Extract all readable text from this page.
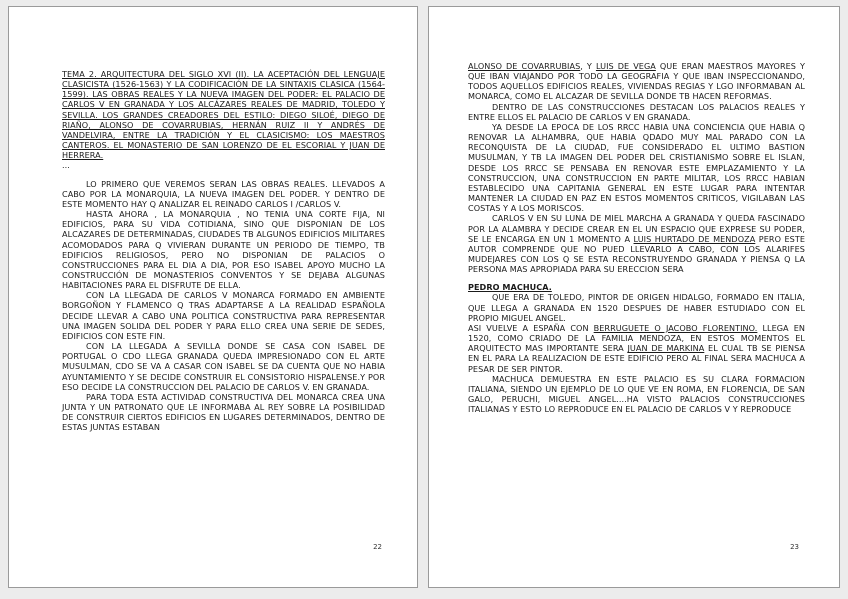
TEMA 2. ARQUITECTURA DEL SIGLO XVI (II). LA ACEPTACIÓN DEL LENGUAJE CLASICISTA (1526-1563) Y LA CODIFICACIÓN DE LA SINTAXIS CLASICA (1564-1599). LAS OBRAS REALES Y LA NUEVA IMAGEN DEL PODER: EL PALACIO DE CARLOS V EN GRANADA Y LOS ALCÁZARES REALES DE MADRID, TOLEDO Y SEVILLA. LOS GRANDES CREADORES DEL ESTILO: DIEGO SILOÉ, DIEGO DE RIAÑO, ALONSO DE COVARRUBIAS, HERNÁN RUIZ II Y ANDRÉS DE VANDELVIRA, ENTRE LA TRADICIÓN Y EL CLASICISMO: LOS MAESTROS CANTEROS. EL MONASTERIO DE SAN LORENZO DE EL ESCORIAL Y JUAN DE HERRERA.

...

LO PRIMERO QUE VEREMOS SERAN LAS OBRAS REALES. LLEVADOS A CABO POR LA MONARQUIA, LA NUEVA IMAGEN DEL PODER. Y DENTRO DE ESTE MOMENTO HAY Q ANALIZAR EL REINADO CARLOS I /CARLOS V.

HASTA AHORA , LA MONARQUIA , NO TENIA UNA CORTE FIJA, NI EDIFICIOS, PARA SU VIDA COTIDIANA, SINO QUE DISPONIAN DE LOS ALCAZARES DE DETERMINADAS, CIUDADES TB ALGUNOS EDIFICIOS MILITARES ACOMODADOS PARA Q VIVIERAN DURANTE UN PERIODO DE TIEMPO, TB EDIFICIOS RELIGIOSOS, PERO NO DISPONIAN DE PALACIOS O CONSTRUCCIONES PARA EL DIA A DIA, POR ESO ISABEL APOYO MUCHO LA CONSTRUCCIÓN DE MONASTERIOS CONVENTOS Y SE DEJABA ALGUNAS HABITACIONES PARA EL DISFRUTE DE ELLA.

CON LA LLEGADA DE CARLOS V MONARCA FORMADO EN AMBIENTE BORGOÑON Y FLAMENCO Q TRAS ADAPTARSE A LA REALIDAD ESPAÑOLA DECIDE LLEVAR A CABO UNA POLITICA CONSTRUCTIVA PARA REPRESENTAR UNA IMAGEN SOLIDA DEL PODER Y PARA ELLO CREA UNA SERIE DE SEDES, EDIFICIOS CON ESTE FIN.

CON LA LLEGADA A SEVILLA DONDE SE CASA CON ISABEL DE PORTUGAL O CDO LLEGA GRANADA QUEDA IMPRESIONADO CON EL ARTE MUSULMAN, CDO SE VA A CASAR CON ISABEL SE DA CUENTA QUE NO HABIA AYUNTAMIENTO Y SE DECIDE CONSTRUIR EL CONSISTORIO HISPALENSE.Y POR ESO DECIDE LA CONSTRUCCION DEL PALACIO DE CARLOS V. EN GRANADA.

PARA TODA ESTA ACTIVIDAD CONSTRUCTIVA DEL MONARCA CREA UNA JUNTA Y UN PATRONATO QUE LE INFORMABA AL REY SOBRE LA POSIBILIDAD DE CONSTRUIR CIERTOS EDIFICIOS EN LUGARES DETERMINADOS, DENTRO DE ESTAS JUNTAS ESTABAN

22

ALONSO DE COVARRUBIAS, Y LUIS DE VEGA QUE ERAN MAESTROS MAYORES Y QUE IBAN VIAJANDO POR TODO LA GEOGRAFIA Y QUE IBAN INSPECCIONANDO, TODOS AQUELLOS EDIFICIOS REALES, VIVIENDAS REGIAS Y LGO INFORMABAN AL MONARCA, COMO EL ALCAZAR DE SEVILLA DONDE TB HACEN REFORMAS.

DENTRO DE LAS CONSTRUCCIONES DESTACAN LOS PALACIOS REALES Y ENTRE ELLOS EL PALACIO DE CARLOS V EN GRANADA.

YA DESDE LA EPOCA DE LOS RRCC HABIA UNA CONCIENCIA QUE HABIA Q RENOVAR LA ALHAMBRA, QUE HABIA QDADO MUY MAL PARADO CON LA RECONQUISTA DE LA CIUDAD, FUE CONSIDERADO EL ULTIMO BASTION MUSULMAN, Y TB LA IMAGEN DEL PODER DEL CRISTIANISMO SOBRE EL ISLAN, DESDE LOS RRCC SE PENSABA EN RENOVAR ESTE EMPLAZAMIENTO Y LA CONSTRUCCION, UNA CONSTRUCCION EN PARTE MILITAR, LOS RRCC HABIAN ESTABLECIDO UNA CAPITANIA GENERAL EN ESTE LUGAR PARA INTENTAR MANTENER LA CIUDAD EN PAZ EN ESTOS MOMENTOS CRITICOS, VIGILABAN LAS COSTAS Y A LOS MORISCOS.

CARLOS V EN SU LUNA DE MIEL MARCHA A GRANADA Y QUEDA FASCINADO POR LA ALAMBRA Y DECIDE CREAR EN EL UN ESPACIO QUE EXPRESE SU PODER, SE LE ENCARGA EN UN 1 MOMENTO A LUIS HURTADO DE MENDOZA PERO ESTE AUTOR COMPRENDE QUE NO PUED LLEVARLO A CABO, CON LOS ALARIFES MUDEJARES CON LOS Q SE ESTA RECONSTRUYENDO GRANADA Y PIENSA Q LA PERSONA MAS APROPIADA PARA SU ERECCION SERA

PEDRO MACHUCA.

QUE ERA DE TOLEDO, PINTOR DE ORIGEN HIDALGO, FORMADO EN ITALIA, QUE LLEGA A GRANADA EN 1520 DESPUES DE HABER ESTUDIADO CON EL PROPIO MIGUEL ANGEL.

ASI VUELVE A ESPAÑA CON BERRUGUETE O JACOBO FLORENTINO. LLEGA EN 1520, COMO CRIADO DE LA FAMILIA MENDOZA, EN ESTOS MOMENTOS EL ARQUITECTO MAS IMPORTANTE SERA JUAN DE MARKINA EL CUAL TB SE PIENSA EN EL PARA LA REALIZACION DE ESTE EDIFICIO PERO AL FINAL SERA MACHUCA A PESAR DE SER PINTOR.

MACHUCA DEMUESTRA EN ESTE PALACIO ES SU CLARA FORMACION ITALIANA, SIENDO UN EJEMPLO DE LO QUE VE EN ROMA, EN FLORENCIA, DE SAN GALO, PERUCHI, MIGUEL ANGEL....HA VISTO PALACIOS CONSTRUCCIONES ITALIANAS Y ESTO LO REPRODUCE EN EL PALACIO DE CARLOS V Y REPRODUCE

23
